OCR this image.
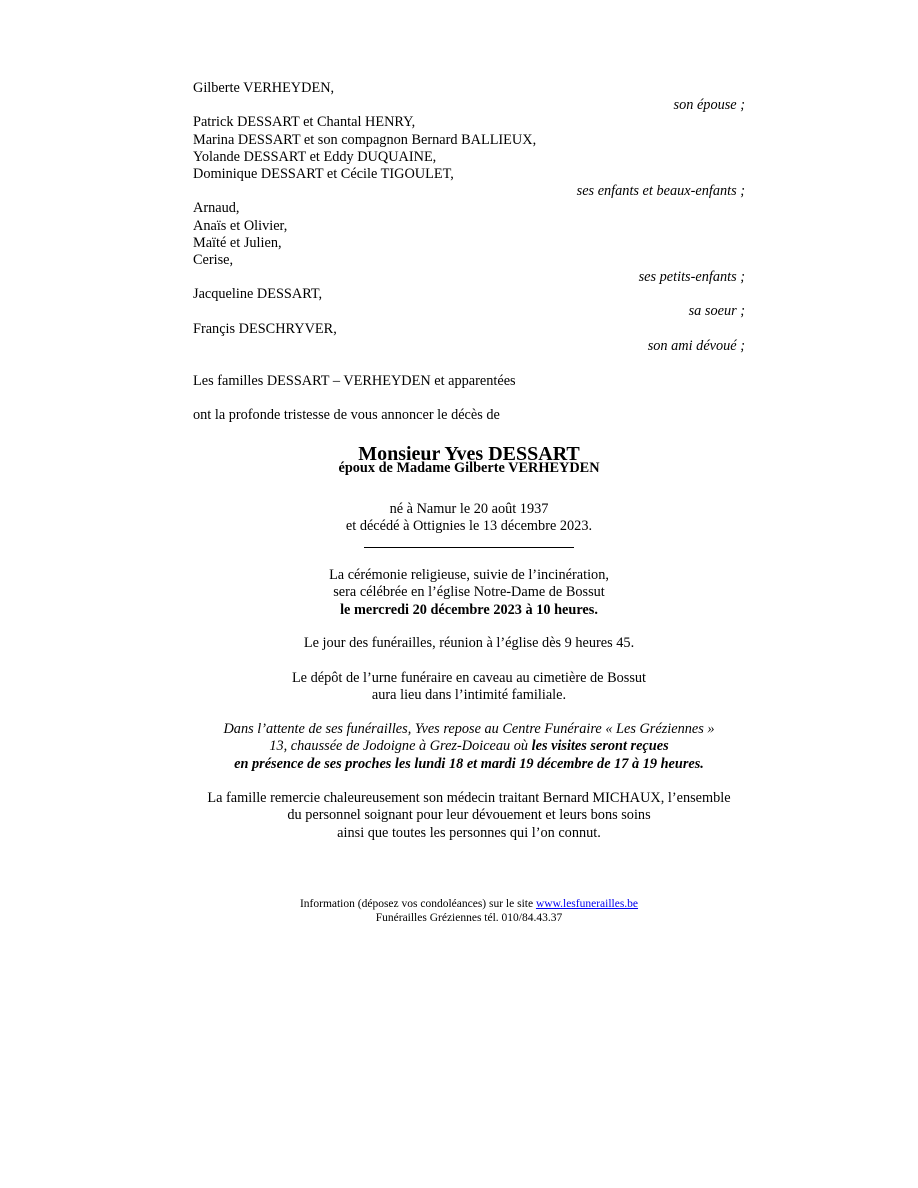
Gilberte VERHEYDEN,
son épouse ;
Patrick DESSART et Chantal HENRY,
Marina DESSART et son compagnon Bernard BALLIEUX,
Yolande DESSART et Eddy DUQUAINE,
Dominique DESSART et Cécile TIGOULET,
ses enfants et beaux-enfants ;
Arnaud,
Anaïs et Olivier,
Maïté et Julien,
Cerise,
ses petits-enfants ;
Jacqueline DESSART,
sa soeur ;
Françis DESCHRYVER,
son ami dévoué ;
Les familles DESSART – VERHEYDEN et apparentées
ont la profonde tristesse de vous annoncer le décès de
Monsieur Yves DESSART
époux de Madame Gilberte VERHEYDEN
né à Namur le 20 août 1937
et décédé à Ottignies le 13 décembre 2023.
La cérémonie religieuse, suivie de l’incinération,
sera célébrée en l’église Notre-Dame de Bossut
le mercredi 20 décembre 2023 à 10 heures.
Le jour des funérailles, réunion à l’église dès 9 heures 45.
Le dépôt de l’urne funéraire en caveau au cimetière de Bossut
aura lieu dans l’intimité familiale.
Dans l’attente de ses funérailles, Yves repose au Centre Funéraire « Les Gréziennes »
13, chaussée de Jodoigne à Grez-Doiceau où les visites seront reçues
en présence de ses proches les lundi 18 et mardi 19 décembre de 17 à 19 heures.
La famille remercie chaleureusement son médecin traitant Bernard MICHAUX, l’ensemble
du personnel soignant pour leur dévouement et leurs bons soins
ainsi que toutes les personnes qui l’on connut.
Information (déposez vos condoléances) sur le site www.lesfunerailles.be
Funérailles Gréziennes tél. 010/84.43.37
